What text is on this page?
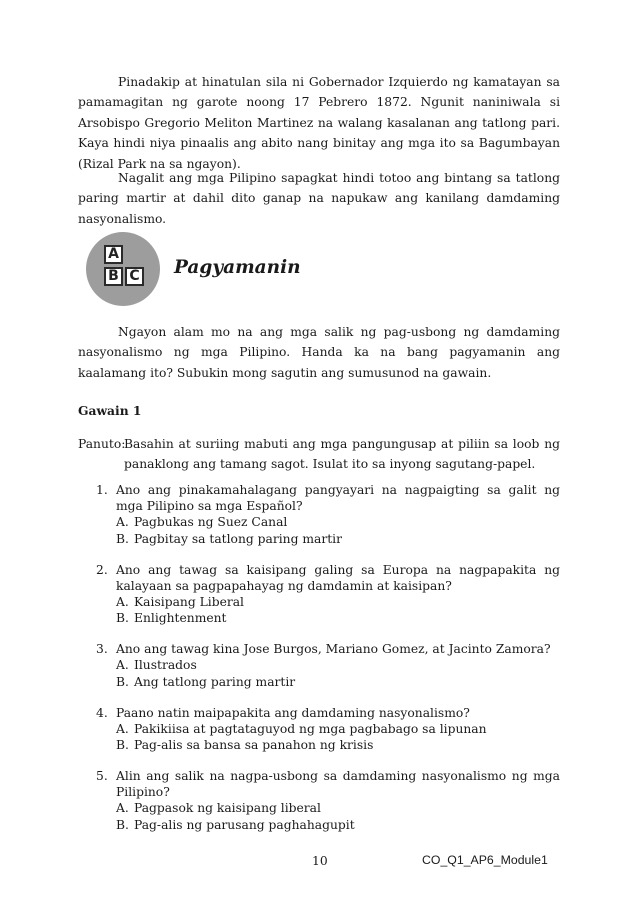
Pinadakip at hinatulan sila ni Gobernador Izquierdo ng kamatayan sa pamamagitan ng garote noong 17 Pebrero 1872. Ngunit naniniwala si Arsobispo Gregorio Meliton Martinez na walang kasalanan ang tatlong pari. Kaya hindi niya pinaalis ang abito nang binitay ang mga ito sa Bagumbayan (Rizal Park na sa ngayon).

Nagalit ang mga Pilipino sapagkat hindi totoo ang bintang sa tatlong paring martir at dahil dito ganap na napukaw ang kanilang damdaming nasyonalismo.

A
B C Pagyamanin

Ngayon alam mo na ang mga salik ng pag-usbong ng damdaming nasyonalismo ng mga Pilipino. Handa ka na bang pagyamanin ang kaalamang ito? Subukin mong sagutin ang sumusunod na gawain.

Gawain 1
Panuto:

Basahin at suriing mabuti ang mga pangungusap at piliin sa loob ng panaklong ang tamang sagot. Isulat ito sa inyong sagutang-papel.

1. Ano ang pinakamahalagang pangyayari na nagpaigting sa galit ng mga Pilipino sa mga Español?

A. Pagbukas ng Suez Canal
B. Pagbitay sa tatlong paring martir
2. Ano ang tawag sa kaisipang galing sa Europa na nagpapakita ng kalayaan sa pagpapahayag ng damdamin at kaisipan?

A. Kaisipang Liberal
B. Enlightenment
3. Ano ang tawag kina Jose Burgos, Mariano Gomez, at Jacinto Zamora?

A. Ilustrados
B. Ang tatlong paring martir
4. Paano natin maipapakita ang damdaming nasyonalismo?

A. Pakikiisa at pagtataguyod ng mga pagbabago sa lipunan
B. Pag-alis sa bansa sa panahon ng krisis
5. Alin ang salik na nagpa-usbong sa damdaming nasyonalismo ng mga Pilipino?

A. Pagpasok ng kaisipang liberal
B. Pag-alis ng parusang paghahagupit

10	CO_Q1_AP6_Module1
